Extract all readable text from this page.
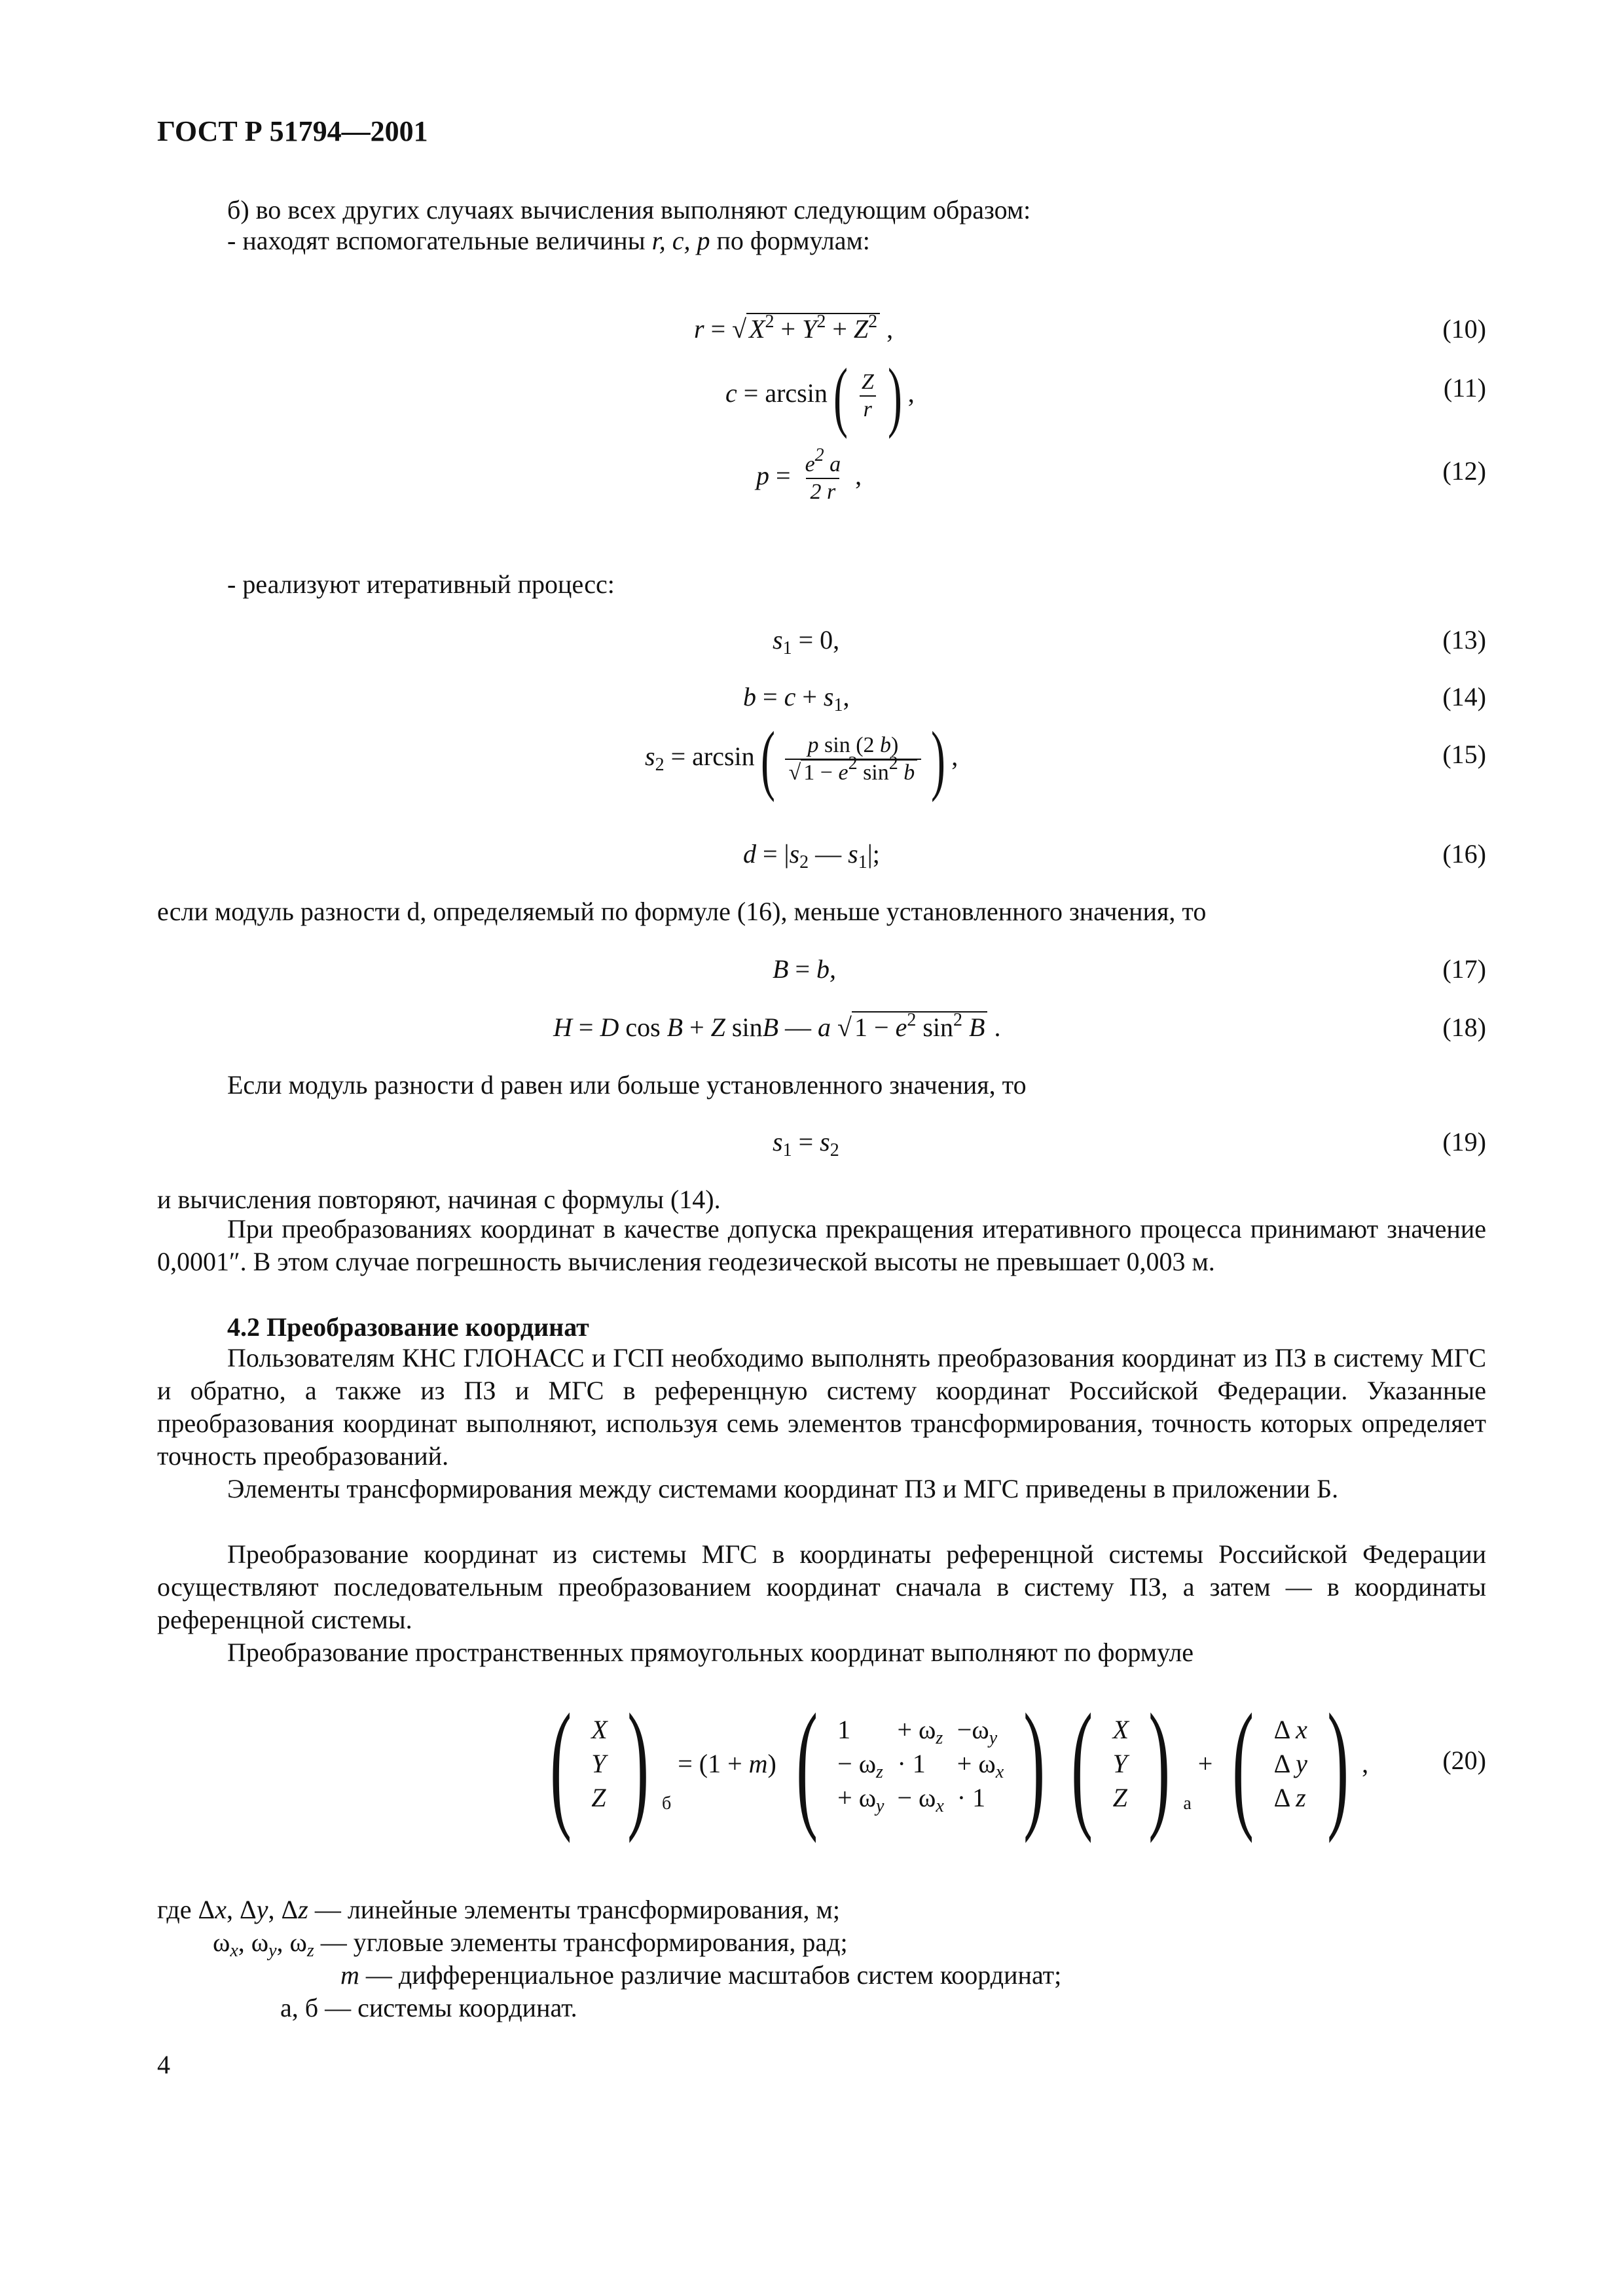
ГОСТ Р 51794—2001
б) во всех других случаях вычисления выполняют следующим образом:
- находят вспомогательные величины r, c, p по формулам:
r = √ $X^2 + Y^2 + Z^2$ ,	(10)
$c = \arcsin( \frac{Z}{r}$ ) ,	(11)
$p = \frac{e^2 a}{2 r}$ ,	(12)
- реализуют итеративный процесс:
$s_1 = 0$,	(13)
$b = c + s_1$,	(14)
$s_2 = \arcsin( \frac{\text{p sin (2 b)}}{√ 1 - e^2 \sin^2 b}$ ) ,	(15)
$d = |s_2$ — $s_1|$;	(16)
если модуль разности d, определяемый по формуле (16), меньше установленного значения, то
B = b,	(17)
H = D cos B + Z sinB — a √ $1 - e^2$ $\sin^2 B$ .	(18)
Если модуль разности d равен или больше установленного значения, то
$s_1 = s_2$	(19)
и вычисления повторяют, начиная с формулы (14).
При преобразованиях координат в качестве допуска прекращения итеративного процесса принимают значение 0,0001″. В этом случае погрешность вычисления геодезической высоты не превышает 0,003 м.
4.2 Преобразование координат
Пользователям КНС ГЛОНАСС и ГСП необходимо выполнять преобразования координат из ПЗ в систему МГС и обратно, а также из ПЗ и МГС в референцную систему координат Российской Федерации. Указанные преобразования координат выполняют, используя семь элементов трансформирования, точность которых определяет точность преобразований.
Элементы трансформирования между системами координат ПЗ и МГС приведены в приложении Б.
Преобразование координат из системы МГС в координаты референцной системы Российской Федерации осуществляют последовательным преобразованием координат сначала в систему ПЗ, а затем — в координаты референцной системы.
Преобразование пространственных прямоугольных координат выполняют по формуле
( X
Y
Z ) $_б$ = (1 + m) ( 1	+ $\omega_z$	$-\omega_y$
− $\omega_z$	· 1	+ $\omega_x$
+ $\omega_y$	− $\omega_x$	· 1 ) ( X
Y
Z ) $_а$ + ( Δ x
Δ y
Δ z ) ,	(20)
где Δx, Δy, Δz — линейные элементы трансформирования, м;
$\omega_x$, $\omega_y$, $\omega_z$ — угловые элементы трансформирования, рад;
m — дифференциальное различие масштабов систем координат;
а, б — системы координат.
4
